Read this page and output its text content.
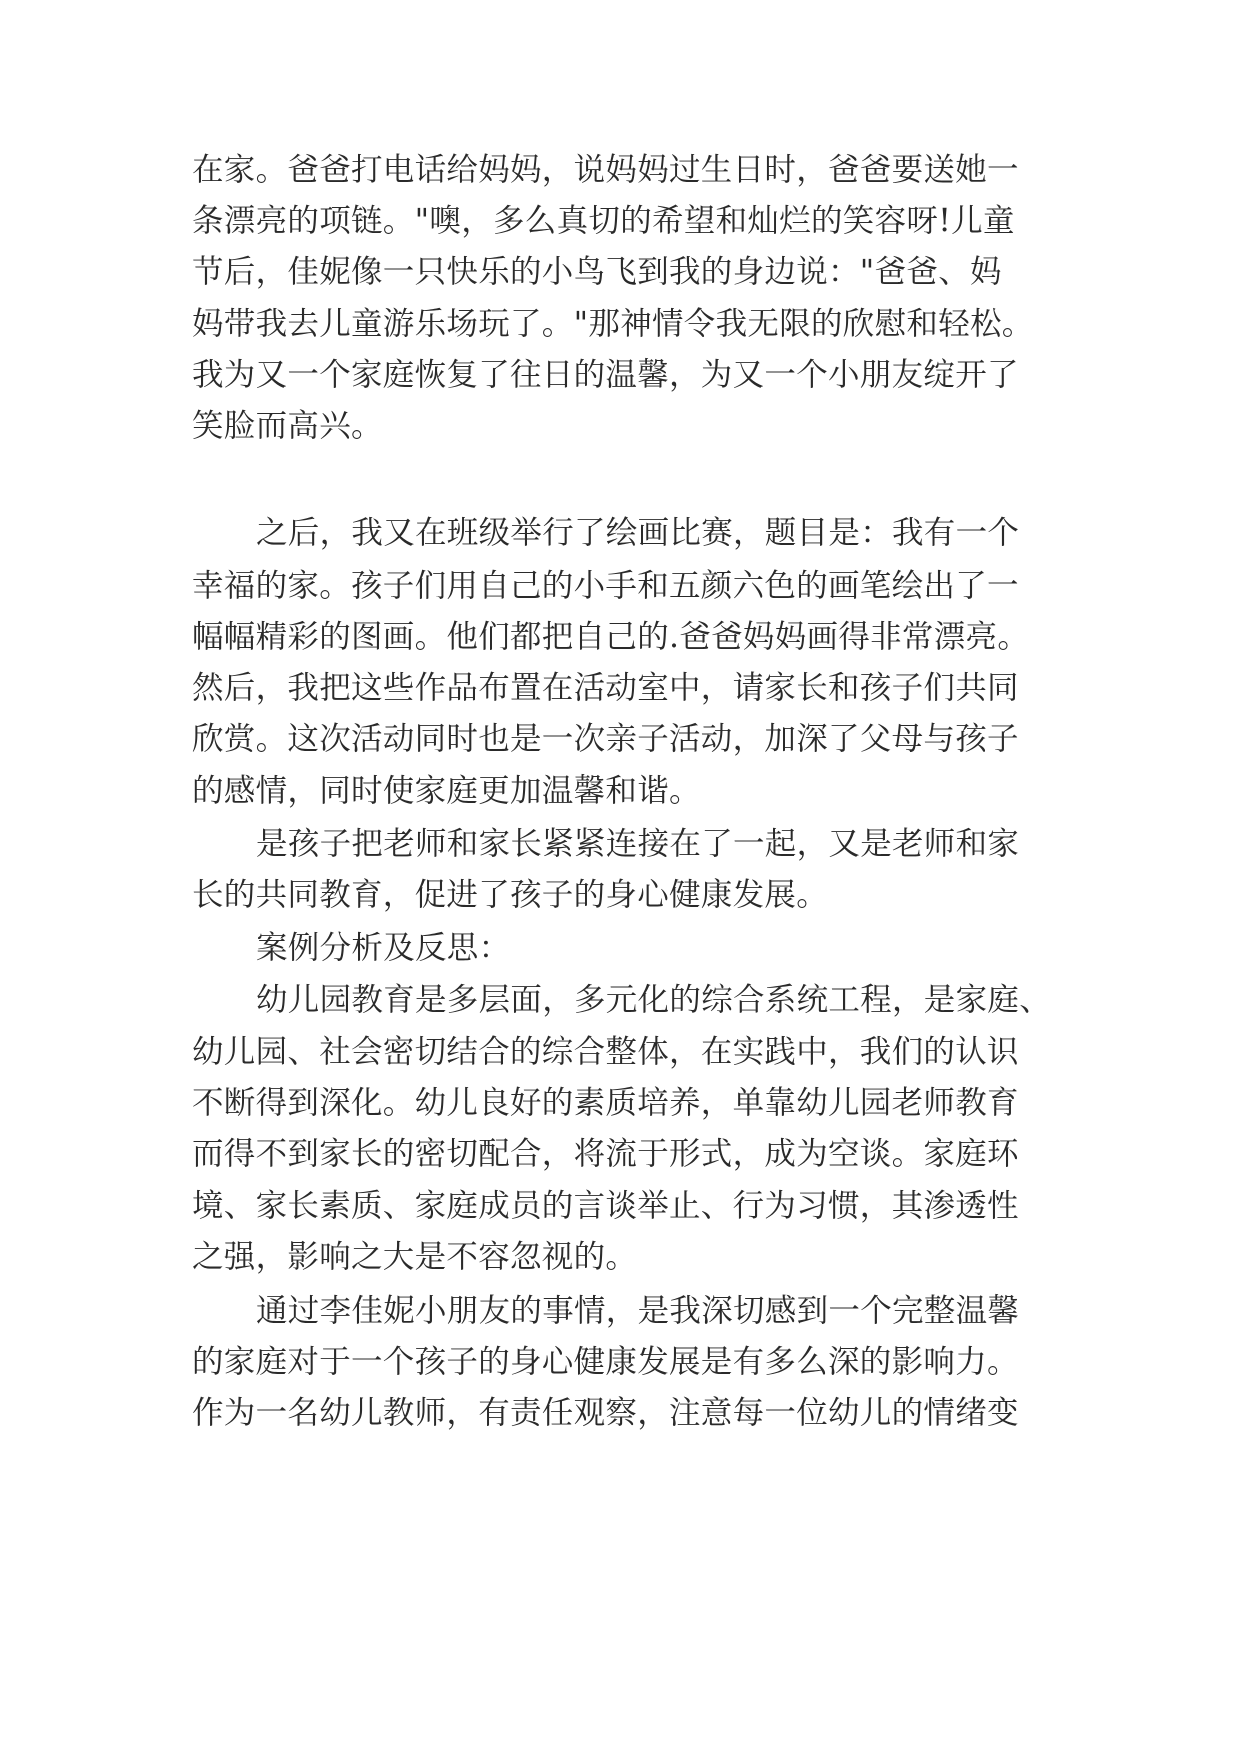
在家。爸爸打电话给妈妈，说妈妈过生日时，爸爸要送她一
条漂亮的项链。"噢，多么真切的希望和灿烂的笑容呀!儿童
节后，佳妮像一只快乐的小鸟飞到我的身边说："爸爸、妈
妈带我去儿童游乐场玩了。"那神情令我无限的欣慰和轻松。
我为又一个家庭恢复了往日的温馨，为又一个小朋友绽开了
笑脸而高兴。
之后，我又在班级举行了绘画比赛，题目是：我有一个
幸福的家。孩子们用自己的小手和五颜六色的画笔绘出了一
幅幅精彩的图画。他们都把自己的.爸爸妈妈画得非常漂亮。
然后，我把这些作品布置在活动室中，请家长和孩子们共同
欣赏。这次活动同时也是一次亲子活动，加深了父母与孩子
的感情，同时使家庭更加温馨和谐。
是孩子把老师和家长紧紧连接在了一起，又是老师和家
长的共同教育，促进了孩子的身心健康发展。
案例分析及反思：
幼儿园教育是多层面，多元化的综合系统工程，是家庭、
幼儿园、社会密切结合的综合整体，在实践中，我们的认识
不断得到深化。幼儿良好的素质培养，单靠幼儿园老师教育
而得不到家长的密切配合，将流于形式，成为空谈。家庭环
境、家长素质、家庭成员的言谈举止、行为习惯，其渗透性
之强，影响之大是不容忽视的。
通过李佳妮小朋友的事情，是我深切感到一个完整温馨
的家庭对于一个孩子的身心健康发展是有多么深的影响力。
作为一名幼儿教师，有责任观察，注意每一位幼儿的情绪变
